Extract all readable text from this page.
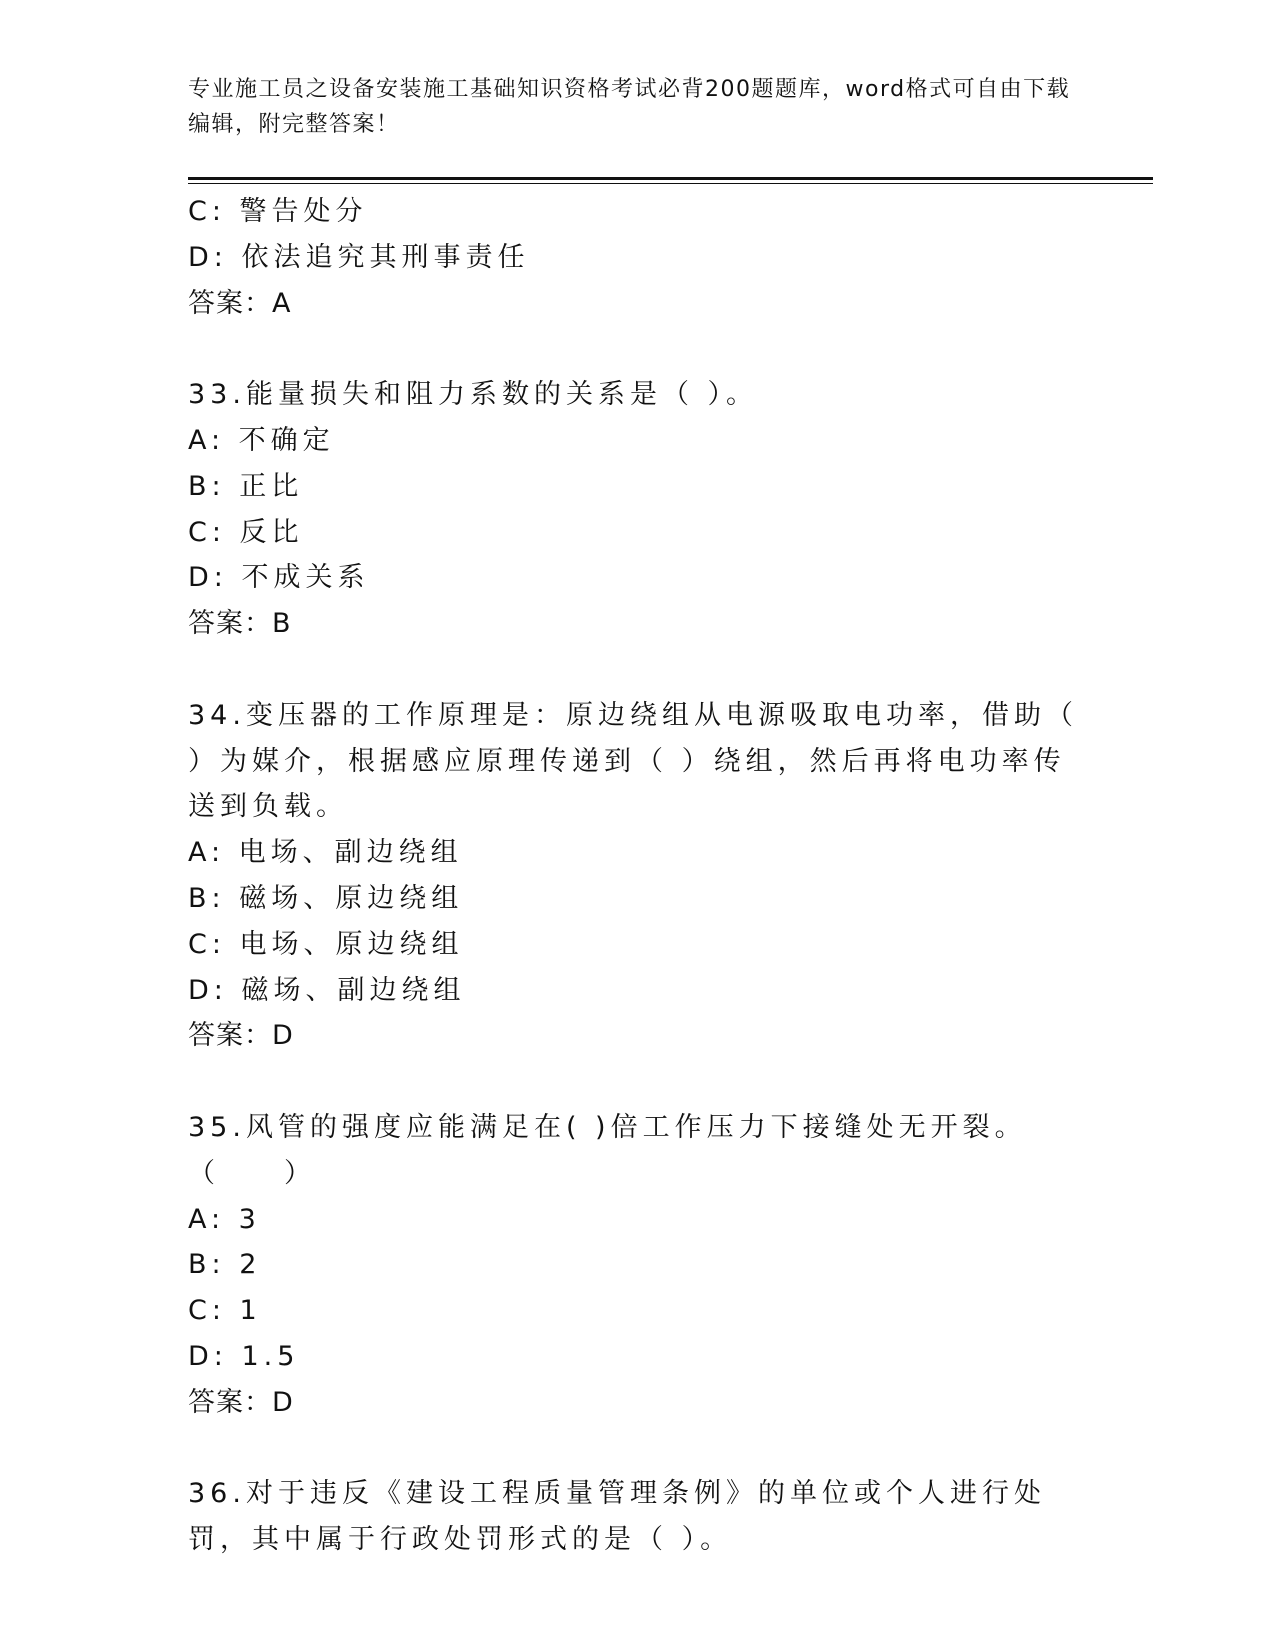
专业施工员之设备安装施工基础知识资格考试必背200题题库，word格式可自由下载编辑，附完整答案！
C: 警告处分
D: 依法追究其刑事责任
答案：A
33.能量损失和阻力系数的关系是（ ）。
A: 不确定
B: 正比
C: 反比
D: 不成关系
答案：B
34.变压器的工作原理是：原边绕组从电源吸取电功率，借助（ ）为媒介，根据感应原理传递到（ ）绕组，然后再将电功率传送到负载。
A: 电场、副边绕组
B: 磁场、原边绕组
C: 电场、原边绕组
D: 磁场、副边绕组
答案：D
35.风管的强度应能满足在( )倍工作压力下接缝处无开裂。（　　）
A: 3
B: 2
C: 1
D: 1.5
答案：D
36.对于违反《建设工程质量管理条例》的单位或个人进行处罚，其中属于行政处罚形式的是（ ）。
